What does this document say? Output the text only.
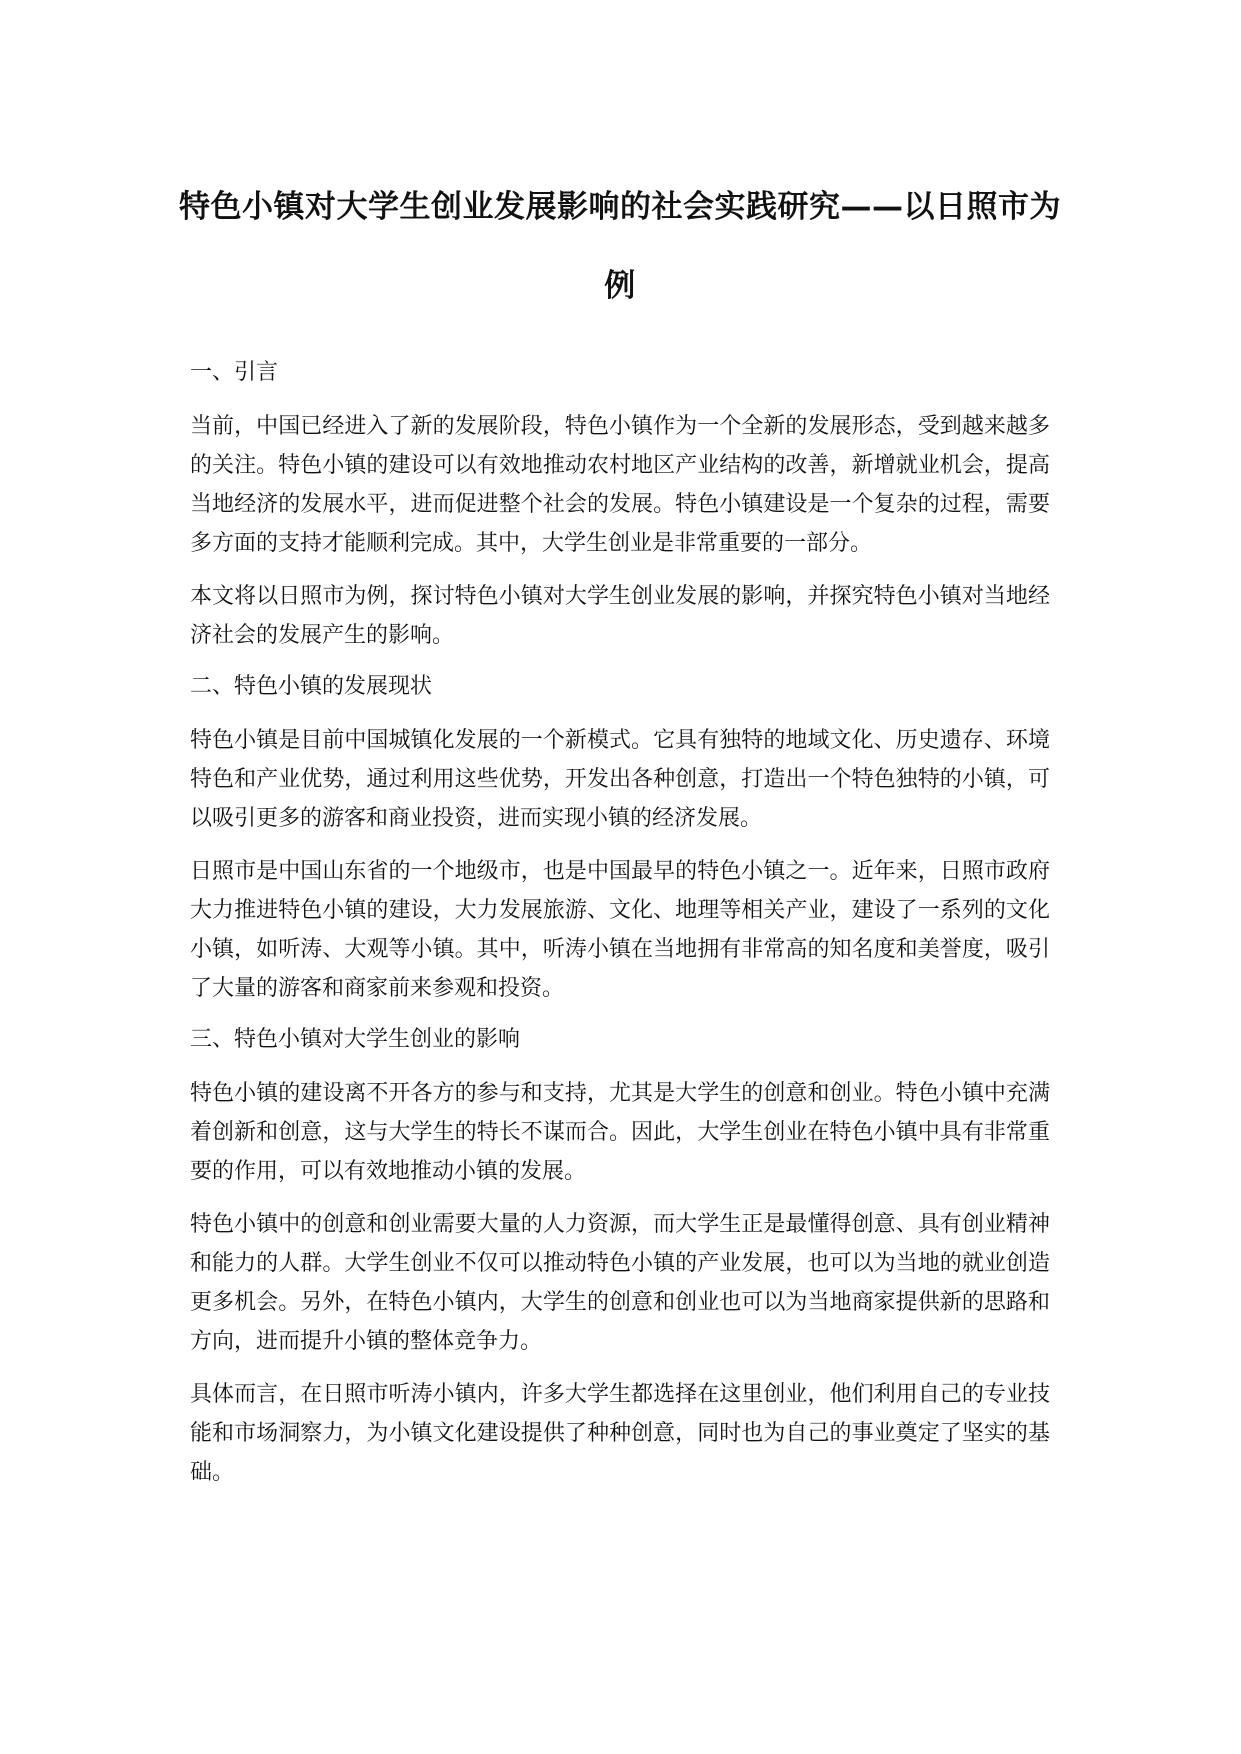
特色小镇对大学生创业发展影响的社会实践研究——以日照市为例
一、引言

当前，中国已经进入了新的发展阶段，特色小镇作为一个全新的发展形态，受到越来越多的关注。特色小镇的建设可以有效地推动农村地区产业结构的改善，新增就业机会，提高当地经济的发展水平，进而促进整个社会的发展。特色小镇建设是一个复杂的过程，需要多方面的支持才能顺利完成。其中，大学生创业是非常重要的一部分。

本文将以日照市为例，探讨特色小镇对大学生创业发展的影响，并探究特色小镇对当地经济社会的发展产生的影响。

二、特色小镇的发展现状

特色小镇是目前中国城镇化发展的一个新模式。它具有独特的地域文化、历史遗存、环境特色和产业优势，通过利用这些优势，开发出各种创意，打造出一个特色独特的小镇，可以吸引更多的游客和商业投资，进而实现小镇的经济发展。

日照市是中国山东省的一个地级市，也是中国最早的特色小镇之一。近年来，日照市政府大力推进特色小镇的建设，大力发展旅游、文化、地理等相关产业，建设了一系列的文化小镇，如听涛、大观等小镇。其中，听涛小镇在当地拥有非常高的知名度和美誉度，吸引了大量的游客和商家前来参观和投资。

三、特色小镇对大学生创业的影响

特色小镇的建设离不开各方的参与和支持，尤其是大学生的创意和创业。特色小镇中充满着创新和创意，这与大学生的特长不谋而合。因此，大学生创业在特色小镇中具有非常重要的作用，可以有效地推动小镇的发展。

特色小镇中的创意和创业需要大量的人力资源，而大学生正是最懂得创意、具有创业精神和能力的人群。大学生创业不仅可以推动特色小镇的产业发展，也可以为当地的就业创造更多机会。另外，在特色小镇内，大学生的创意和创业也可以为当地商家提供新的思路和方向，进而提升小镇的整体竞争力。

具体而言，在日照市听涛小镇内，许多大学生都选择在这里创业，他们利用自己的专业技能和市场洞察力，为小镇文化建设提供了种种创意，同时也为自己的事业奠定了坚实的基础。
